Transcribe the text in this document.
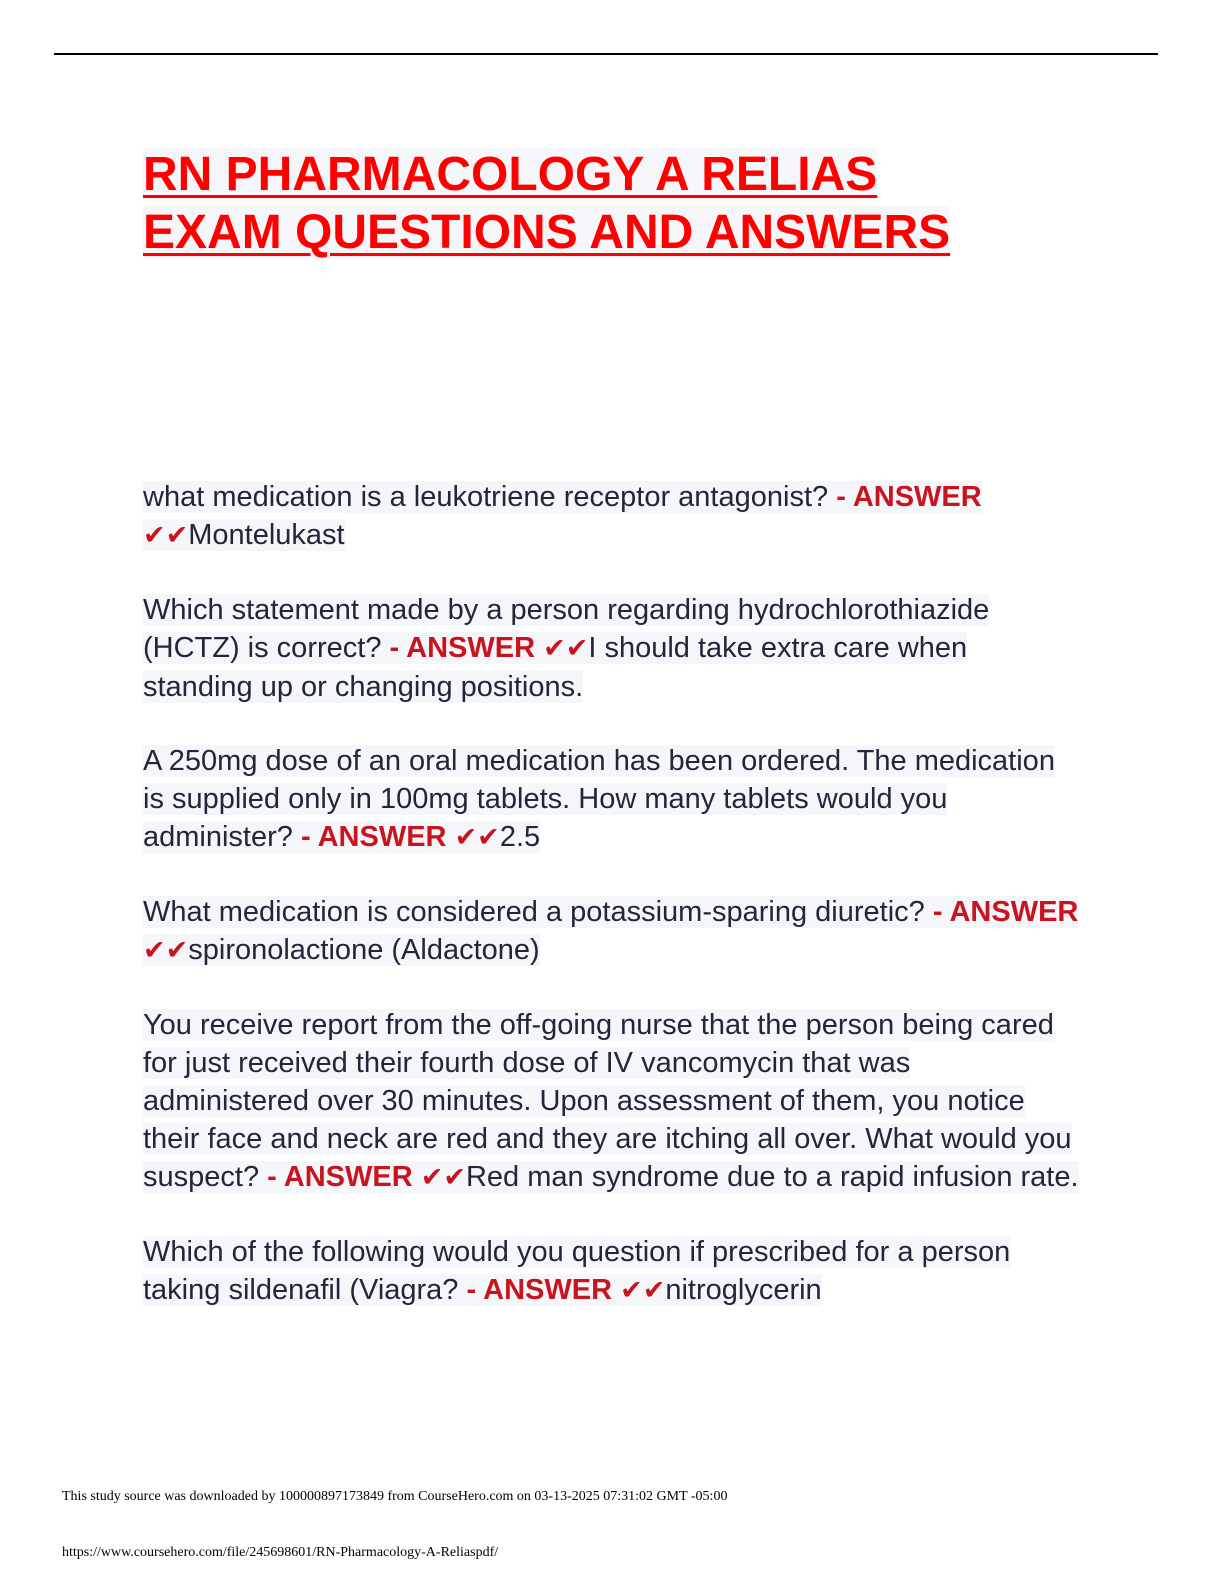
RN PHARMACOLOGY A RELIAS
EXAM QUESTIONS AND ANSWERS

what medication is a leukotriene receptor antagonist? - ANSWER ✔✔Montelukast

Which statement made by a person regarding hydrochlorothiazide (HCTZ) is correct? - ANSWER ✔✔I should take extra care when standing up or changing positions.

A 250mg dose of an oral medication has been ordered. The medication is supplied only in 100mg tablets. How many tablets would you administer? - ANSWER ✔✔2.5

What medication is considered a potassium-sparing diuretic? - ANSWER ✔✔spironolactione (Aldactone)

You receive report from the off-going nurse that the person being cared for just received their fourth dose of IV vancomycin that was administered over 30 minutes. Upon assessment of them, you notice their face and neck are red and they are itching all over. What would you suspect? - ANSWER ✔✔Red man syndrome due to a rapid infusion rate.

Which of the following would you question if prescribed for a person taking sildenafil (Viagra? - ANSWER ✔✔nitroglycerin

This study source was downloaded by 100000897173849 from CourseHero.com on 03-13-2025 07:31:02 GMT -05:00
https://www.coursehero.com/file/245698601/RN-Pharmacology-A-Reliaspdf/
